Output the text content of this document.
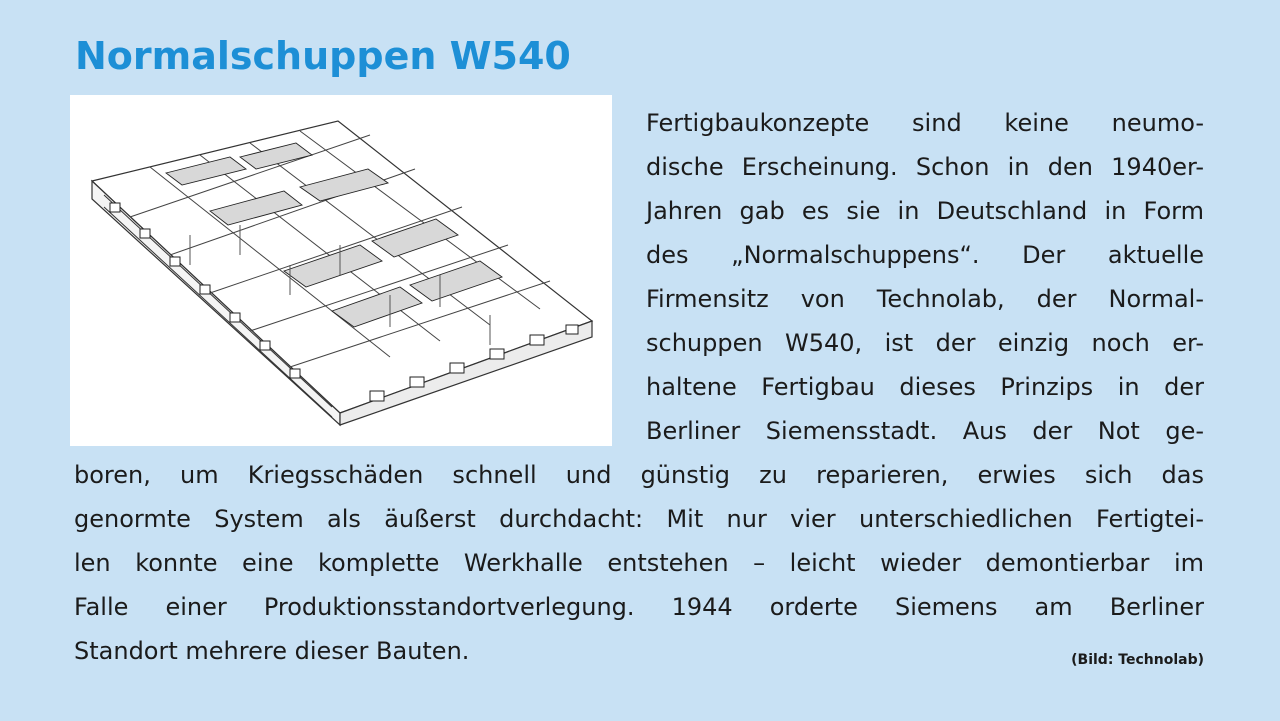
Normalschuppen W540
Fertigbaukonzepte sind keine neumo-
dische Erscheinung. Schon in den 1940er-
Jahren gab es sie in Deutschland in Form
des „Normalschuppens“. Der aktuelle
Firmensitz von Technolab, der Normal-
schuppen W540, ist der einzig noch er-
haltene Fertigbau dieses Prinzips in der
Berliner Siemensstadt. Aus der Not ge-
boren, um Kriegsschäden schnell und günstig zu reparieren, erwies sich das
genormte System als äußerst durchdacht: Mit nur vier unterschiedlichen Fertigtei-
len konnte eine komplette Werkhalle entstehen – leicht wieder demontierbar im
Falle einer Produktionsstandortverlegung. 1944 orderte Siemens am Berliner
Standort mehrere dieser Bauten.	(Bild: Technolab)
